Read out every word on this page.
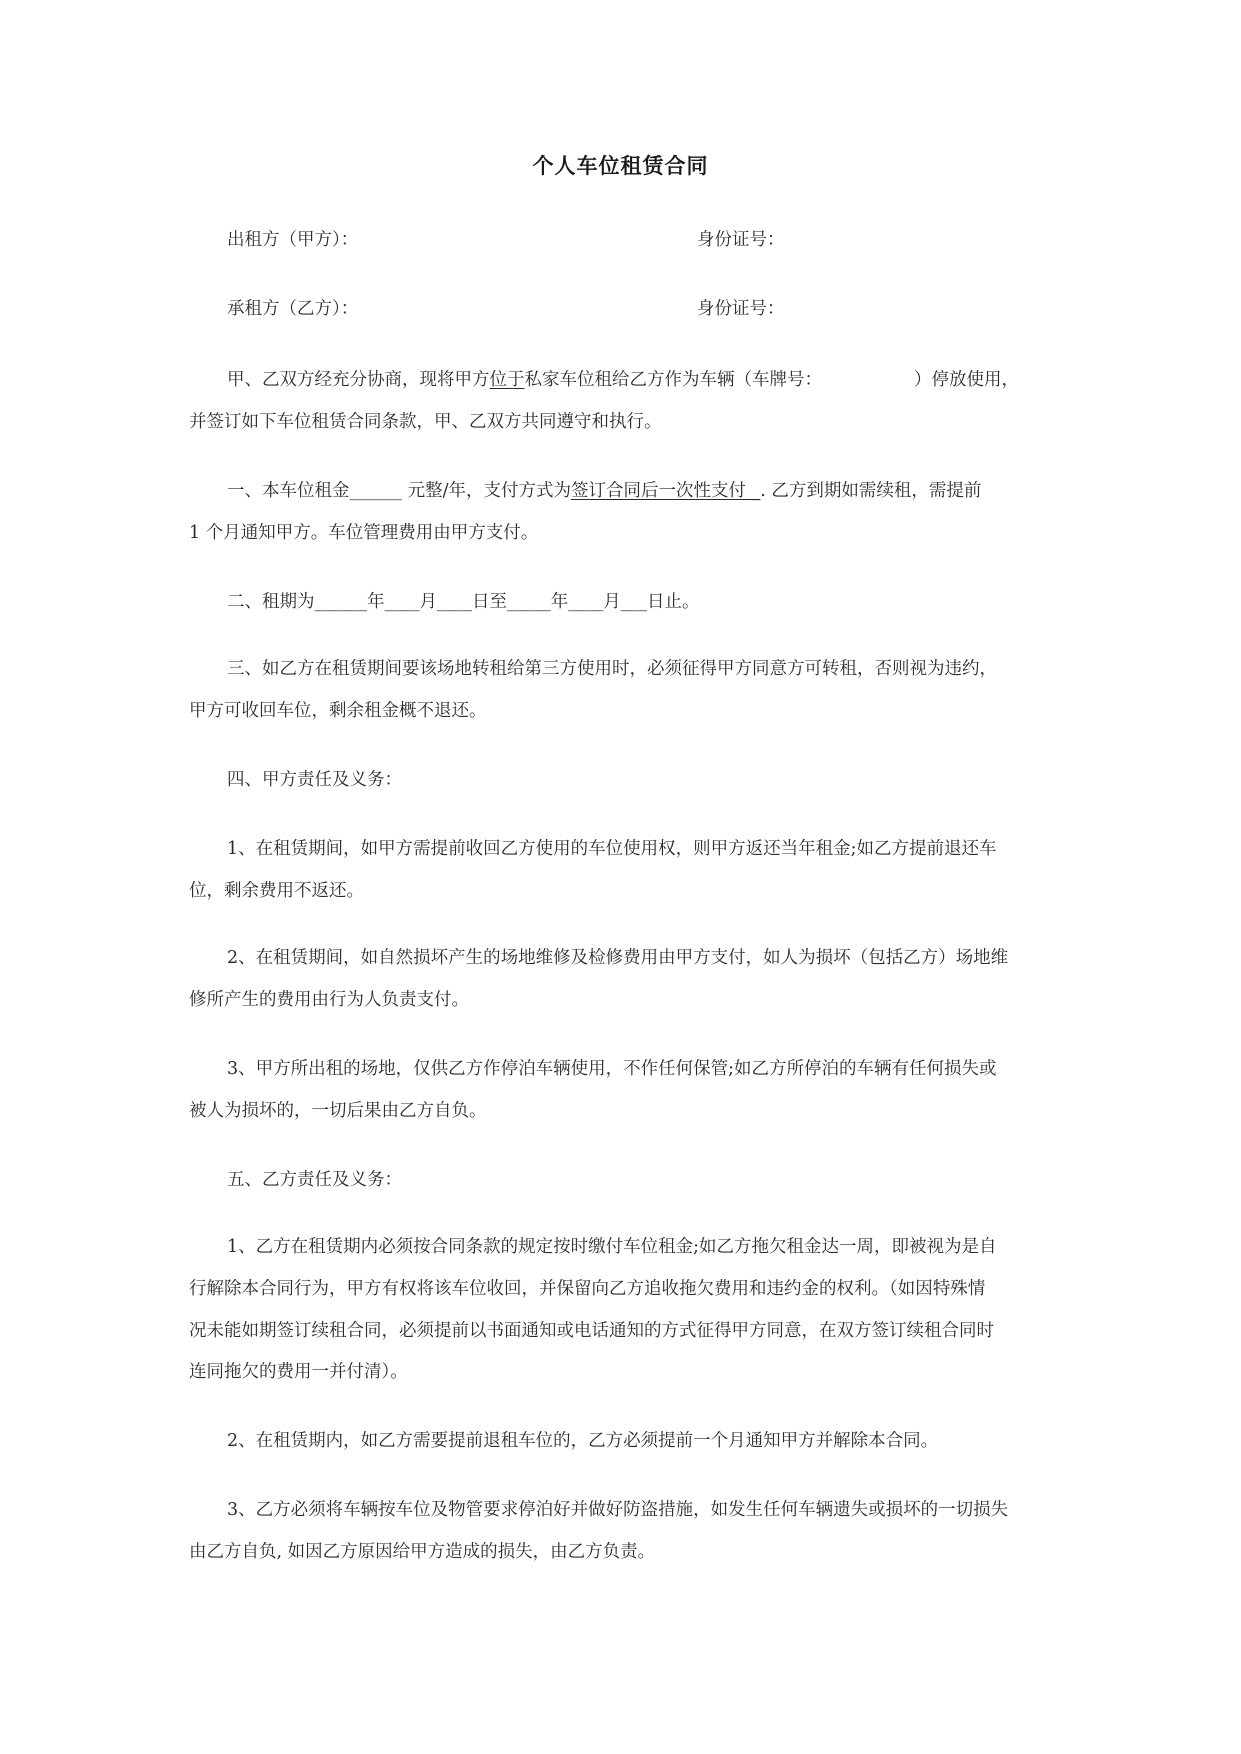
个人车位租赁合同
出租方（甲方）：	身份证号：
承租方（乙方）：	身份证号：
甲、乙双方经充分协商，现将甲方位于私家车位租给乙方作为车辆（车牌号：	）停放使用，
并签订如下车位租赁合同条款，甲、乙双方共同遵守和执行。
一、本车位租金______ 元整/年，支付方式为签订合同后一次性支付 _. 乙方到期如需续租，需提前
1 个月通知甲方。车位管理费用由甲方支付。
二、租期为______年____月____日至_____年____月___日止。
三、如乙方在租赁期间要该场地转租给第三方使用时，必须征得甲方同意方可转租，否则视为违约，
甲方可收回车位，剩余租金概不退还。
四、甲方责任及义务：
1、在租赁期间，如甲方需提前收回乙方使用的车位使用权，则甲方返还当年租金;如乙方提前退还车
位，剩余费用不返还。
2、在租赁期间，如自然损坏产生的场地维修及检修费用由甲方支付，如人为损坏（包括乙方）场地维
修所产生的费用由行为人负责支付。
3、甲方所出租的场地，仅供乙方作停泊车辆使用，不作任何保管;如乙方所停泊的车辆有任何损失或
被人为损坏的，一切后果由乙方自负。
五、乙方责任及义务：
1、乙方在租赁期内必须按合同条款的规定按时缴付车位租金;如乙方拖欠租金达一周，即被视为是自
行解除本合同行为，甲方有权将该车位收回，并保留向乙方追收拖欠费用和违约金的权利。（如因特殊情
况未能如期签订续租合同，必须提前以书面通知或电话通知的方式征得甲方同意，在双方签订续租合同时
连同拖欠的费用一并付清）。
2、在租赁期内，如乙方需要提前退租车位的，乙方必须提前一个月通知甲方并解除本合同。
3、乙方必须将车辆按车位及物管要求停泊好并做好防盗措施，如发生任何车辆遗失或损坏的一切损失
由乙方自负, 如因乙方原因给甲方造成的损失，由乙方负责。
